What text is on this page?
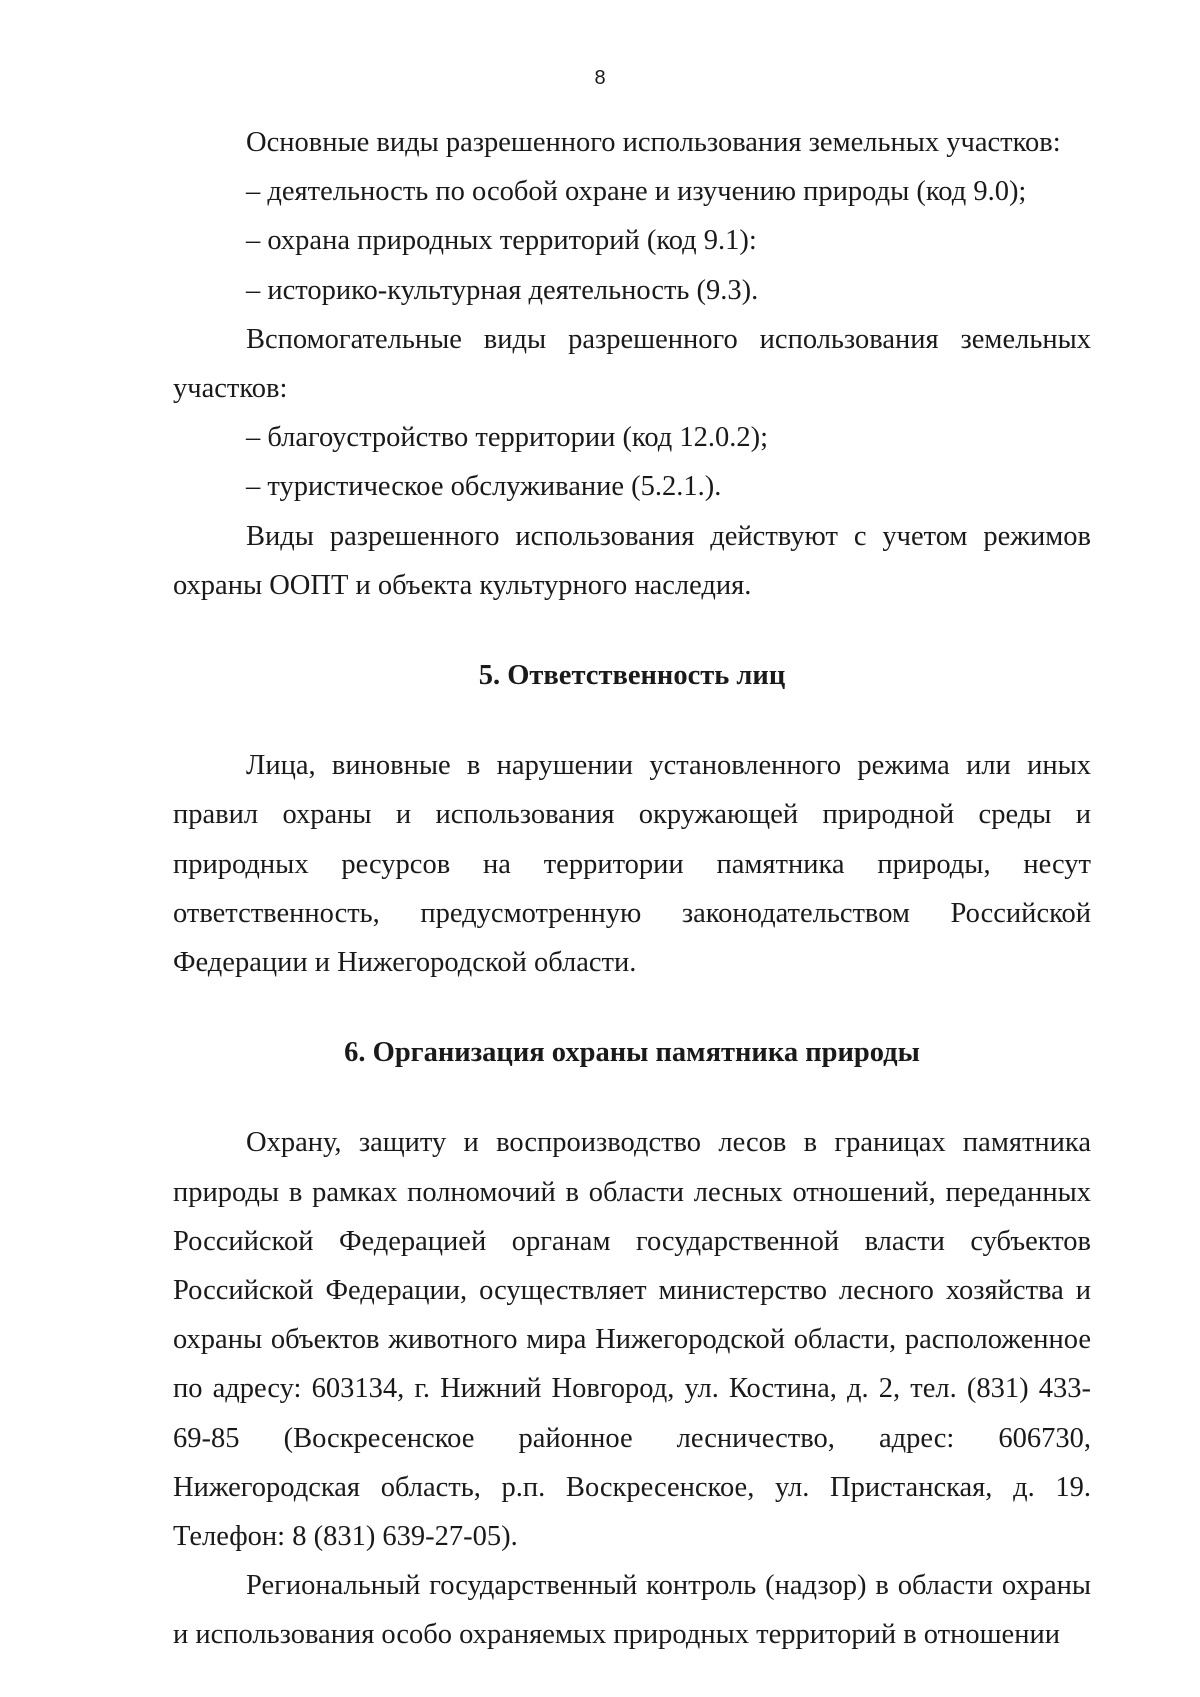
8

Основные виды разрешенного использования земельных участков:

– деятельность по особой охране и изучению природы (код 9.0);

– охрана природных территорий (код 9.1):

– историко-культурная деятельность (9.3).

Вспомогательные виды разрешенного использования земельных участков:

– благоустройство территории (код 12.0.2);

– туристическое обслуживание (5.2.1.).

Виды разрешенного использования действуют с учетом режимов охраны ООПТ и объекта культурного наследия.

5. Ответственность лиц

Лица, виновные в нарушении установленного режима или иных правил охраны и использования окружающей природной среды и природных ресурсов на территории памятника природы, несут ответственность, предусмотренную законодательством Российской Федерации и Нижегородской области.

6. Организация охраны памятника природы

Охрану, защиту и воспроизводство лесов в границах памятника природы в рамках полномочий в области лесных отношений, переданных Российской Федерацией органам государственной власти субъектов Российской Федерации, осуществляет министерство лесного хозяйства и охраны объектов животного мира Нижегородской области, расположенное по адресу: 603134, г. Нижний Новгород, ул. Костина, д. 2, тел. (831) 433-69-85 (Воскресенское районное лесничество, адрес: 606730, Нижегородская область, р.п. Воскресенское, ул. Пристанская, д. 19. Телефон: 8 (831) 639-27-05).

Региональный государственный контроль (надзор) в области охраны и использования особо охраняемых природных территорий в отношении
